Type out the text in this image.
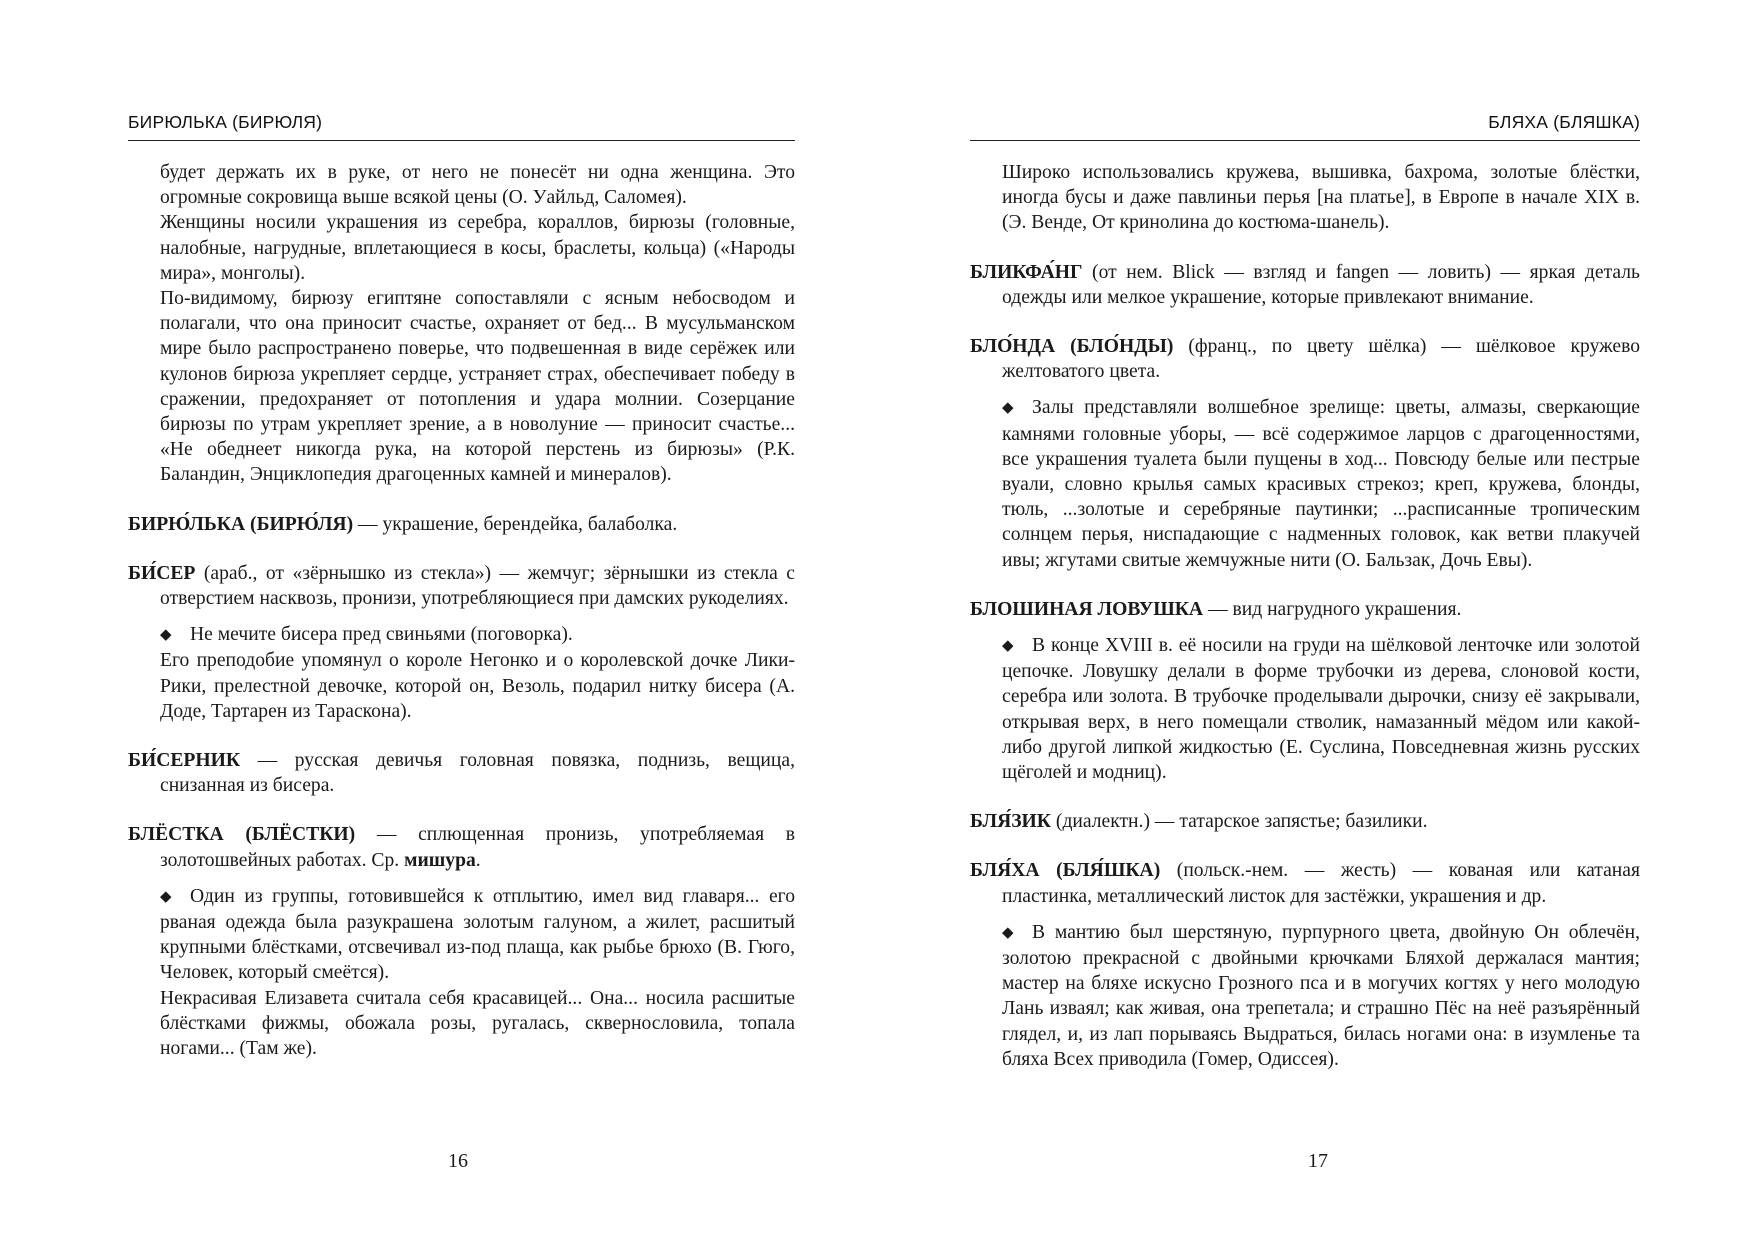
БИРЮЛЬКА (БИРЮЛЯ)

будет держать их в руке, от него не понесёт ни одна женщина. Это огромные сокровища выше всякой цены (О. Уайльд, Саломея).

Женщины носили украшения из серебра, кораллов, бирюзы (головные, налобные, нагрудные, вплетающиеся в косы, браслеты, кольца) («Народы мира», монголы).

По-видимому, бирюзу египтяне сопоставляли с ясным небосводом и полагали, что она приносит счастье, охраняет от бед... В мусульманском мире было распространено поверье, что подвешенная в виде серёжек или кулонов бирюза укрепляет сердце, устраняет страх, обеспечивает победу в сражении, предохраняет от потопления и удара молнии. Созерцание бирюзы по утрам укрепляет зрение, а в новолуние — приносит счастье... «Не обеднеет никогда рука, на которой перстень из бирюзы» (Р.К. Баландин, Энциклопедия драгоценных камней и минералов).

БИРЮ́ЛЬКА (БИРЮ́ЛЯ) — украшение, берендейка, балаболка.

БИ́СЕР (араб., от «зёрнышко из стекла») — жемчуг; зёрнышки из стекла с отверстием насквозь, пронизи, употребляющиеся при дамских рукоделиях.

◆ Не мечите бисера пред свиньями (поговорка).

Его преподобие упомянул о короле Негонко и о королевской дочке Лики-Рики, прелестной девочке, которой он, Везоль, подарил нитку бисера (А. Доде, Тартарен из Тараскона).

БИ́СЕРНИК — русская девичья головная повязка, поднизь, вещица, снизанная из бисера.

БЛЁСТКА (БЛЁСТКИ) — сплющенная пронизь, употребляемая в золотошвейных работах. Ср. мишура.

◆ Один из группы, готовившейся к отплытию, имел вид главаря... его рваная одежда была разукрашена золотым галуном, а жилет, расшитый крупными блёстками, отсвечивал из-под плаща, как рыбье брюхо (В. Гюго, Человек, который смеётся).

Некрасивая Елизавета считала себя красавицей... Она... носила расшитые блёстками фижмы, обожала розы, ругалась, сквернословила, топала ногами... (Там же).

16
БЛЯХА (БЛЯШКА)

Широко использовались кружева, вышивка, бахрома, золотые блёстки, иногда бусы и даже павлиньи перья [на платье], в Европе в начале XIX в. (Э. Венде, От кринолина до костюма-шанель).

БЛИКФА́НГ (от нем. Blick — взгляд и fangen — ловить) — яркая деталь одежды или мелкое украшение, которые привлекают внимание.

БЛО́НДА (БЛО́НДЫ) (франц., по цвету шёлка) — шёлковое кружево желтоватого цвета.

◆ Залы представляли волшебное зрелище: цветы, алмазы, сверкающие камнями головные уборы, — всё содержимое ларцов с драгоценностями, все украшения туалета были пущены в ход... Повсюду белые или пестрые вуали, словно крылья самых красивых стрекоз; креп, кружева, блонды, тюль, ...золотые и серебряные паутинки; ...расписанные тропическим солнцем перья, ниспадающие с надменных головок, как ветви плакучей ивы; жгутами свитые жемчужные нити (О. Бальзак, Дочь Евы).

БЛОШИНАЯ ЛОВУШКА — вид нагрудного украшения.

◆ В конце XVIII в. её носили на груди на шёлковой ленточке или золотой цепочке. Ловушку делали в форме трубочки из дерева, слоновой кости, серебра или золота. В трубочке проделывали дырочки, снизу её закрывали, открывая верх, в него помещали стволик, намазанный мёдом или какой-либо другой липкой жидкостью (Е. Суслина, Повседневная жизнь русских щёголей и модниц).

БЛЯ́ЗИК (диалектн.) — татарское запястье; базилики.

БЛЯ́ХА (БЛЯ́ШКА) (польск.-нем. — жесть) — кованая или катаная пластинка, металлический листок для застёжки, украшения и др.

◆ В мантию был шерстяную, пурпурного цвета, двойную Он облечён, золотою прекрасной с двойными крючками Бляхой держалася мантия; мастер на бляхе искусно Грозного пса и в могучих когтях у него молодую Лань изваял; как живая, она трепетала; и страшно Пёс на неё разъярённый глядел, и, из лап порываясь Выдраться, билась ногами она: в изумленье та бляха Всех приводила (Гомер, Одиссея).

17
